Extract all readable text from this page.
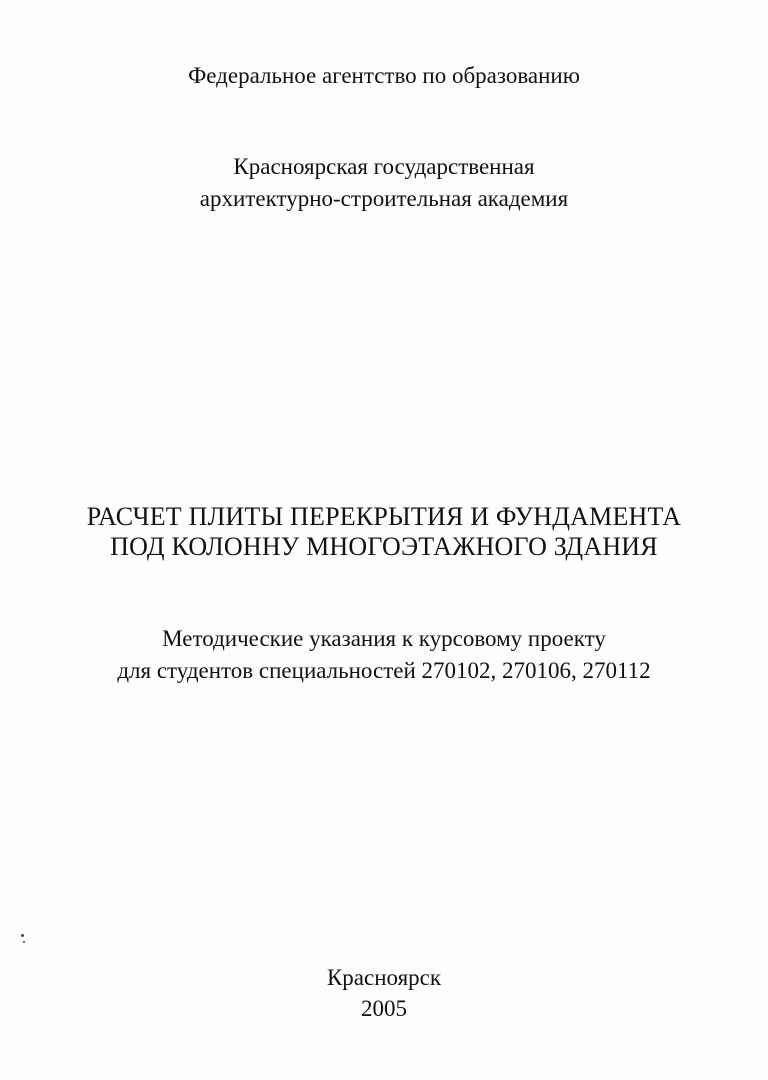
Федеральное агентство по образованию
Красноярская государственная
архитектурно-строительная академия
РАСЧЕТ ПЛИТЫ ПЕРЕКРЫТИЯ И ФУНДАМЕНТА
ПОД КОЛОННУ МНОГОЭТАЖНОГО ЗДАНИЯ
Методические указания к курсовому проекту
для студентов специальностей 270102, 270106, 270112
Красноярск
2005
